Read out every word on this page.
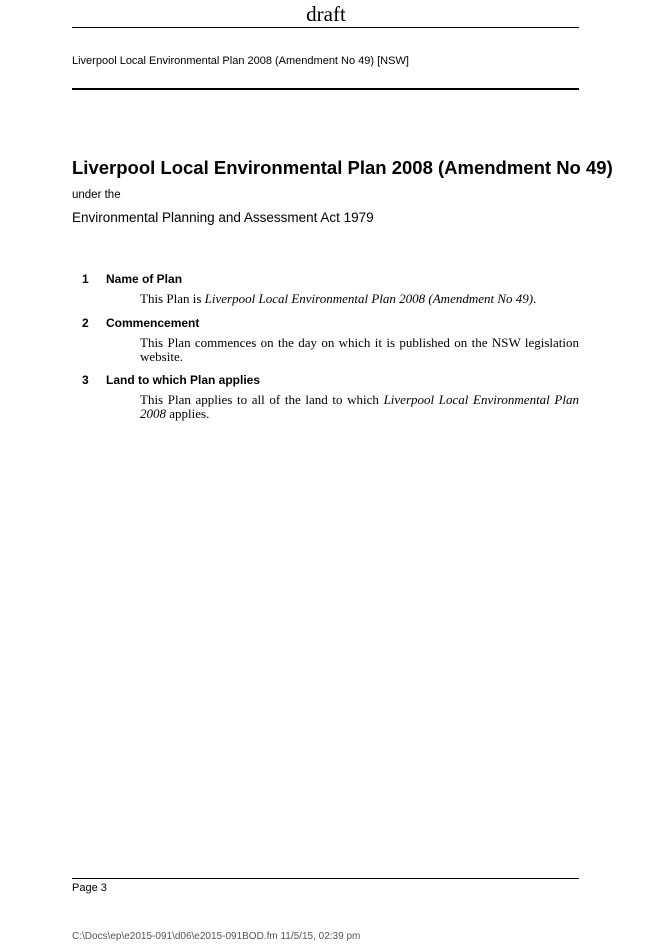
draft
Liverpool Local Environmental Plan 2008 (Amendment No 49) [NSW]
Liverpool Local Environmental Plan 2008 (Amendment No 49)
under the
Environmental Planning and Assessment Act 1979
1 Name of Plan
This Plan is Liverpool Local Environmental Plan 2008 (Amendment No 49).
2 Commencement
This Plan commences on the day on which it is published on the NSW legislation website.
3 Land to which Plan applies
This Plan applies to all of the land to which Liverpool Local Environmental Plan 2008 applies.
Page 3
C:\Docs\ep\e2015-091\d06\e2015-091BOD.fm 11/5/15, 02:39 pm
